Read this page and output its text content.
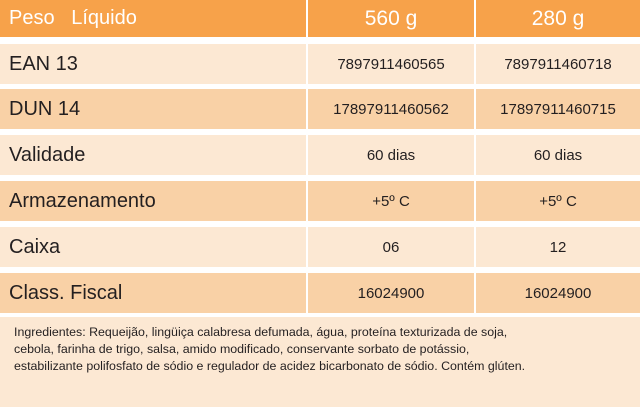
Peso   Líquido	560 g	280 g
EAN 13	7897911460565	7897911460718
DUN 14	17897911460562	17897911460715
Validade	60 dias	60 dias
Armazenamento	+5º C	+5º C
Caixa	06	12
Class. Fiscal	16024900	16024900
Ingredientes: Requeijão, lingüiça calabresa defumada, água, proteína texturizada de soja,
cebola, farinha de trigo, salsa, amido modificado, conservante sorbato de potássio,
estabilizante polifosfato de sódio e regulador de acidez bicarbonato de sódio. Contém glúten.
